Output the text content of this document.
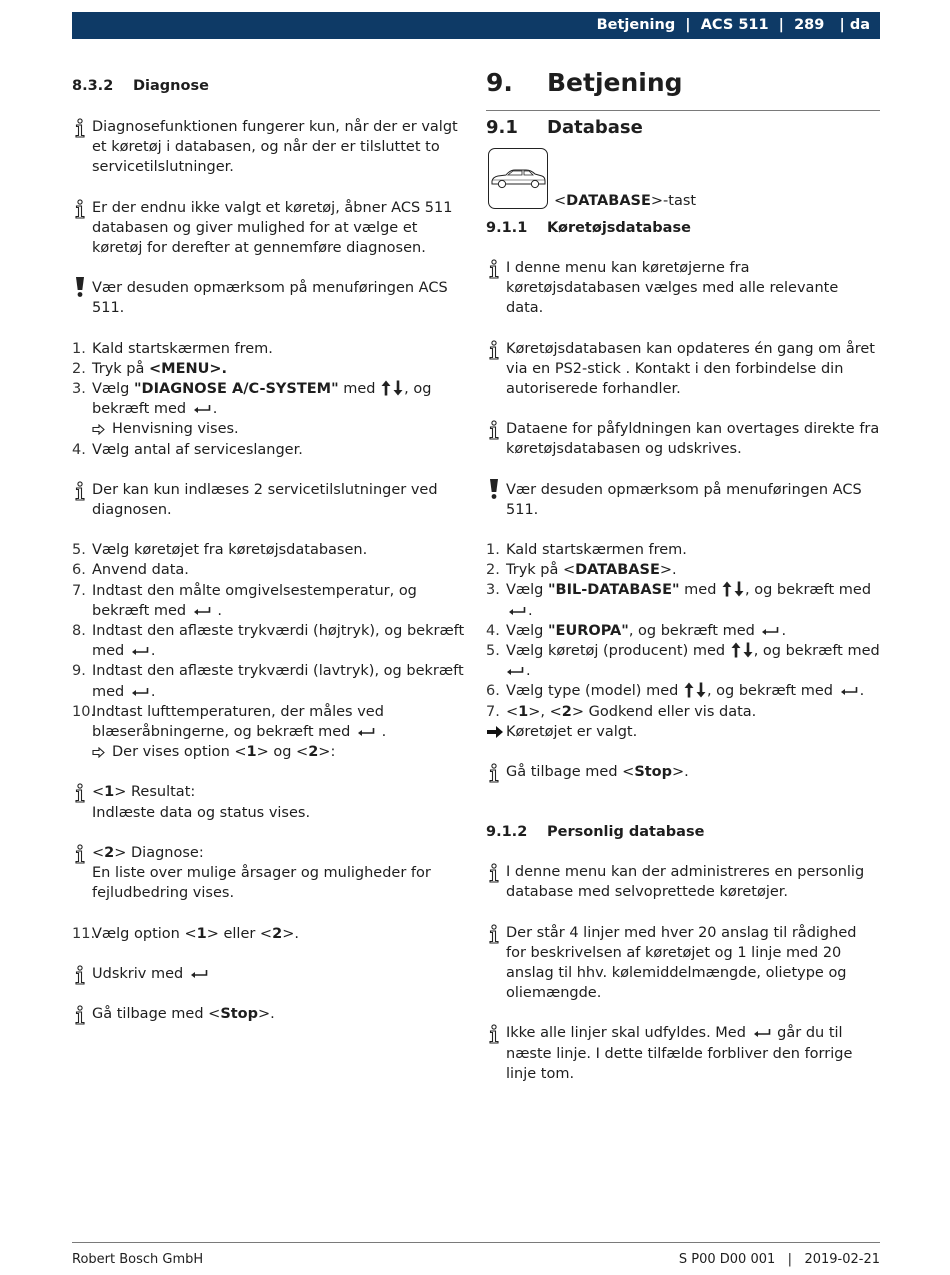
Betjening  |  ACS 511  |  289   | da
8.3.2 Diagnose
Diagnosefunktionen fungerer kun, når der er valgt et køretøj i databasen, og når der er tilsluttet to servicetilslutninger.
Er der endnu ikke valgt et køretøj, åbner ACS 511 databasen og giver mulighed for at vælge et køretøj for derefter at gennemføre diagnosen.
Vær desuden opmærksom på menuføringen ACS 511.
1. Kald startskærmen frem.
2. Tryk på <MENU>.
3. Vælg "DIAGNOSE A/C-SYSTEM" med , og bekræft med .
Henvisning vises.
4. Vælg antal af serviceslanger.
Der kan kun indlæses 2 servicetilslutninger ved diagnosen.
5. Vælg køretøjet fra køretøjsdatabasen.
6. Anvend data.
7. Indtast den målte omgivelsestemperatur, og bekræft med  .
8. Indtast den aflæste trykværdi (højtryk), og bekræft med .
9. Indtast den aflæste trykværdi (lavtryk), og bekræft med .
10.
Indtast lufttemperaturen, der måles ved blæseråbningerne, og bekræft med  .
Der vises option <1> og <2>:
<1> Resultat:
Indlæste data og status vises.
<2> Diagnose:
En liste over mulige årsager og muligheder for fejludbedring vises.
11.
Vælg option <1> eller <2>.
Udskriv med
Gå tilbage med <Stop>.
9. Betjening
9.1 Database
<DATABASE>-tast
9.1.1 Køretøjsdatabase
I denne menu kan køretøjerne fra køretøjsdatabasen vælges med alle relevante data.
Køretøjsdatabasen kan opdateres én gang om året via en PS2-stick . Kontakt i den forbindelse din autoriserede forhandler.
Dataene for påfyldningen kan overtages direkte fra køretøjsdatabasen og udskrives.
Vær desuden opmærksom på menuføringen ACS 511.
1. Kald startskærmen frem.
2. Tryk på <DATABASE>.
3. Vælg "BIL-DATABASE" med , og bekræft med .
4. Vælg "EUROPA", og bekræft med .
5. Vælg køretøj (producent) med , og bekræft med
.
6. Vælg type (model) med , og bekræft med .
7. <1>, <2> Godkend eller vis data.
Køretøjet er valgt.
Gå tilbage med <Stop>.
9.1.2 Personlig database
I denne menu kan der administreres en personlig database med selvoprettede køretøjer.
Der står 4 linjer med hver 20 anslag til rådighed for beskrivelsen af køretøjet og 1 linje med 20 anslag til hhv. kølemiddelmængde, olietype og oliemængde.
Ikke alle linjer skal udfyldes. Med  går du til næste linje. I dette tilfælde forbliver den forrige linje tom.
Robert Bosch GmbH	S P00 D00 001   |   2019-02-21
